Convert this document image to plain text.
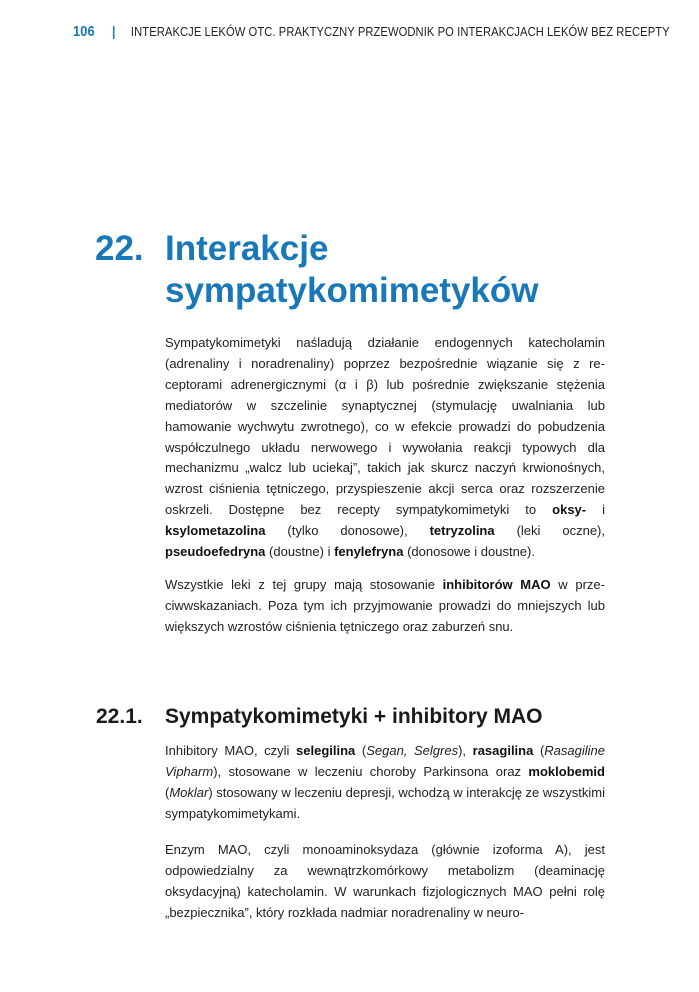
106 | INTERAKCJE LEKÓW OTC. PRAKTYCZNY PRZEWODNIK PO INTERAKCJACH LEKÓW BEZ RECEPTY
22. Interakcje
sympatykomimetyków
Sympatykomimetyki naśladują działanie endogennych katecholamin (adrenaliny i noradrenaliny) poprzez bezpośrednie wiązanie się z receptorami adrenergicznymi (α i β) lub pośrednie zwiększanie stężenia mediatorów w szczelinie synaptycznej (stymulację uwalniania lub hamowanie wychwytu zwrotnego), co w efekcie prowadzi do pobudzenia współczulnego układu nerwowego i wywołania reakcji typowych dla mechanizmu „walcz lub uciekaj”, takich jak skurcz naczyń krwionośnych, wzrost ciśnienia tętniczego, przyspieszenie akcji serca oraz rozszerzenie oskrzeli. Dostępne bez recepty sympatykomimetyki to oksy- i ksylometazolina (tylko donosowe), tetryzolina (leki oczne), pseudoefedryna (doustne) i fenylefryna (donosowe i doustne).
Wszystkie leki z tej grupy mają stosowanie inhibitorów MAO w przeciwwskazaniach. Poza tym ich przyjmowanie prowadzi do mniejszych lub większych wzrostów ciśnienia tętniczego oraz zaburzeń snu.
22.1.	Sympatykomimetyki + inhibitory MAO
Inhibitory MAO, czyli selegilina (Segan, Selgres), rasagilina (Rasagiline Vipharm), stosowane w leczeniu choroby Parkinsona oraz moklobemid (Moklar) stosowany w leczeniu depresji, wchodzą w interakcję ze wszystkimi sympatykomimetykami.
Enzym MAO, czyli monoaminoksydaza (głównie izoforma A), jest odpowiedzialny za wewnątrzkomórkowy metabolizm (deaminację oksydacyjną) katecholamin. W warunkach fizjologicznych MAO pełni rolę „bezpiecznika”, który rozkłada nadmiar noradrenaliny w neuro-
